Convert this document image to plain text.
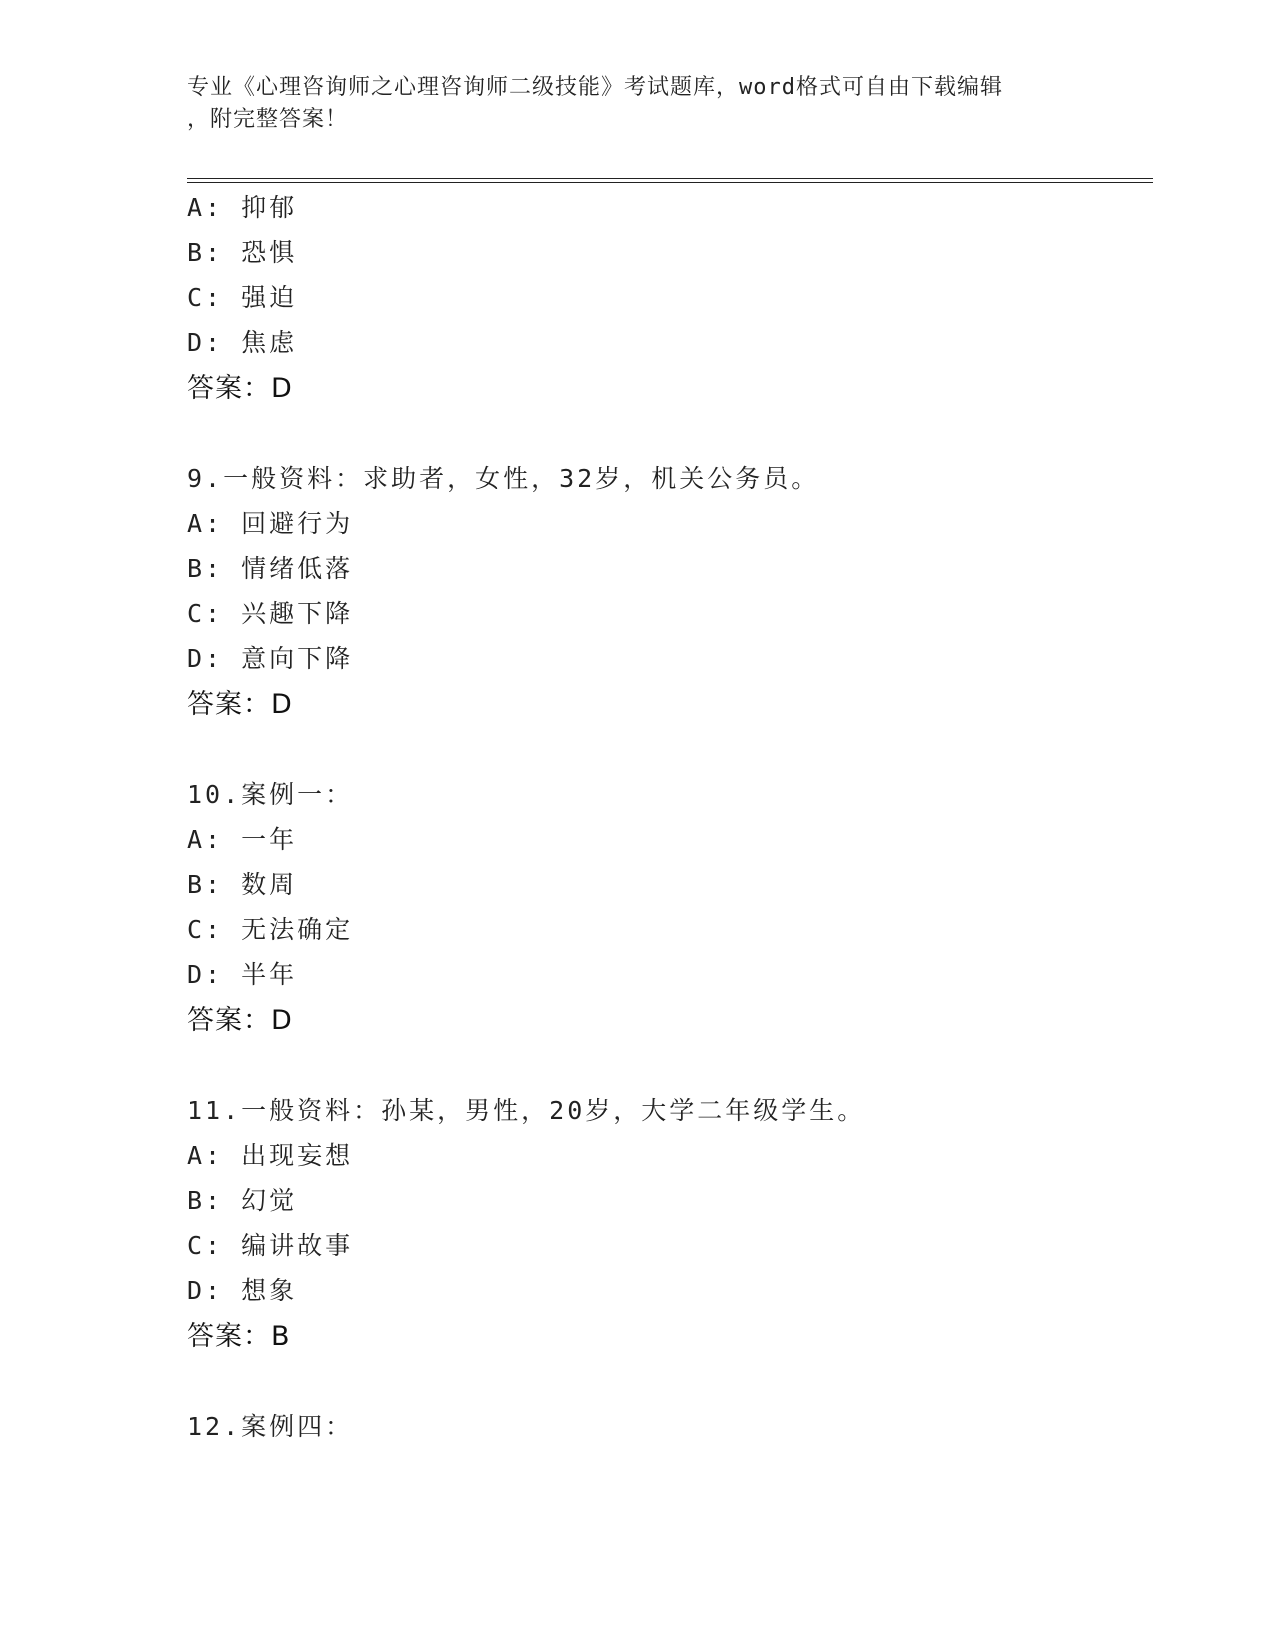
专业《心理咨询师之心理咨询师二级技能》考试题库，word格式可自由下载编辑
，附完整答案！
A: 抑郁
B: 恐惧
C: 强迫
D: 焦虑
答案：D
9.一般资料：求助者，女性，32岁，机关公务员。
A: 回避行为
B: 情绪低落
C: 兴趣下降
D: 意向下降
答案：D
10.案例一：
A: 一年
B: 数周
C: 无法确定
D: 半年
答案：D
11.一般资料：孙某，男性，20岁，大学二年级学生。
A: 出现妄想
B: 幻觉
C: 编讲故事
D: 想象
答案：B
12.案例四：
